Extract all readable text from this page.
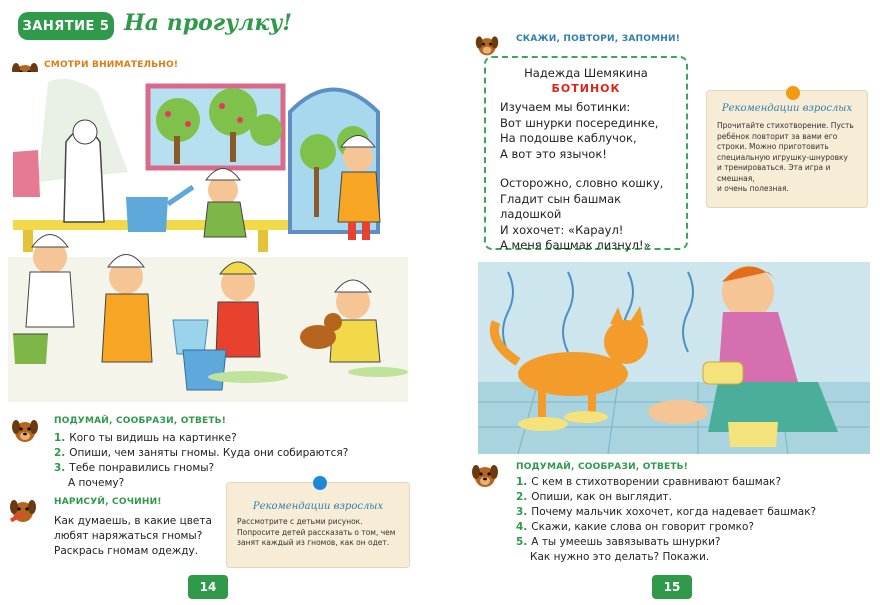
ЗАНЯТИЕ 5 На прогулку!
СМОТРИ ВНИМАТЕЛЬНО!
ПОДУМАЙ, СООБРАЗИ, ОТВЕТЬ!
1. Кого ты видишь на картинке?
2. Опиши, чем заняты гномы. Куда они собираются?
3. Тебе понравились гномы?
А почему?
НАРИСУЙ, СОЧИНИ!
Как думаешь, в какие цвета
любят наряжаться гномы?
Раскрась гномам одежду.
Рекомендации взрослых
Рассмотрите с детьми рисунок.
Попросите детей рассказать о том, чем
занят каждый из гномов, как он одет.
14
СКАЖИ, ПОВТОРИ, ЗАПОМНИ!
Надежда Шемякина
БОТИНОК
Изучаем мы ботинки:
Вот шнурки посерединке,
На подошве каблучок,
А вот это язычок!
Осторожно, словно кошку,
Гладит сын башмак ладошкой
И хохочет: «Караул!
А меня башмак лизнул!»
Рекомендации взрослых
Прочитайте стихотворение. Пусть
ребёнок повторит за вами его
строки. Можно приготовить
специальную игрушку-шнуровку
и тренироваться. Эта игра и смешная,
и очень полезная.
ПОДУМАЙ, СООБРАЗИ, ОТВЕТЬ!
1. С кем в стихотворении сравнивают башмак?
2. Опиши, как он выглядит.
3. Почему мальчик хохочет, когда надевает башмак?
4. Скажи, какие слова он говорит громко?
5. А ты умеешь завязывать шнурки?
Как нужно это делать? Покажи.
15
